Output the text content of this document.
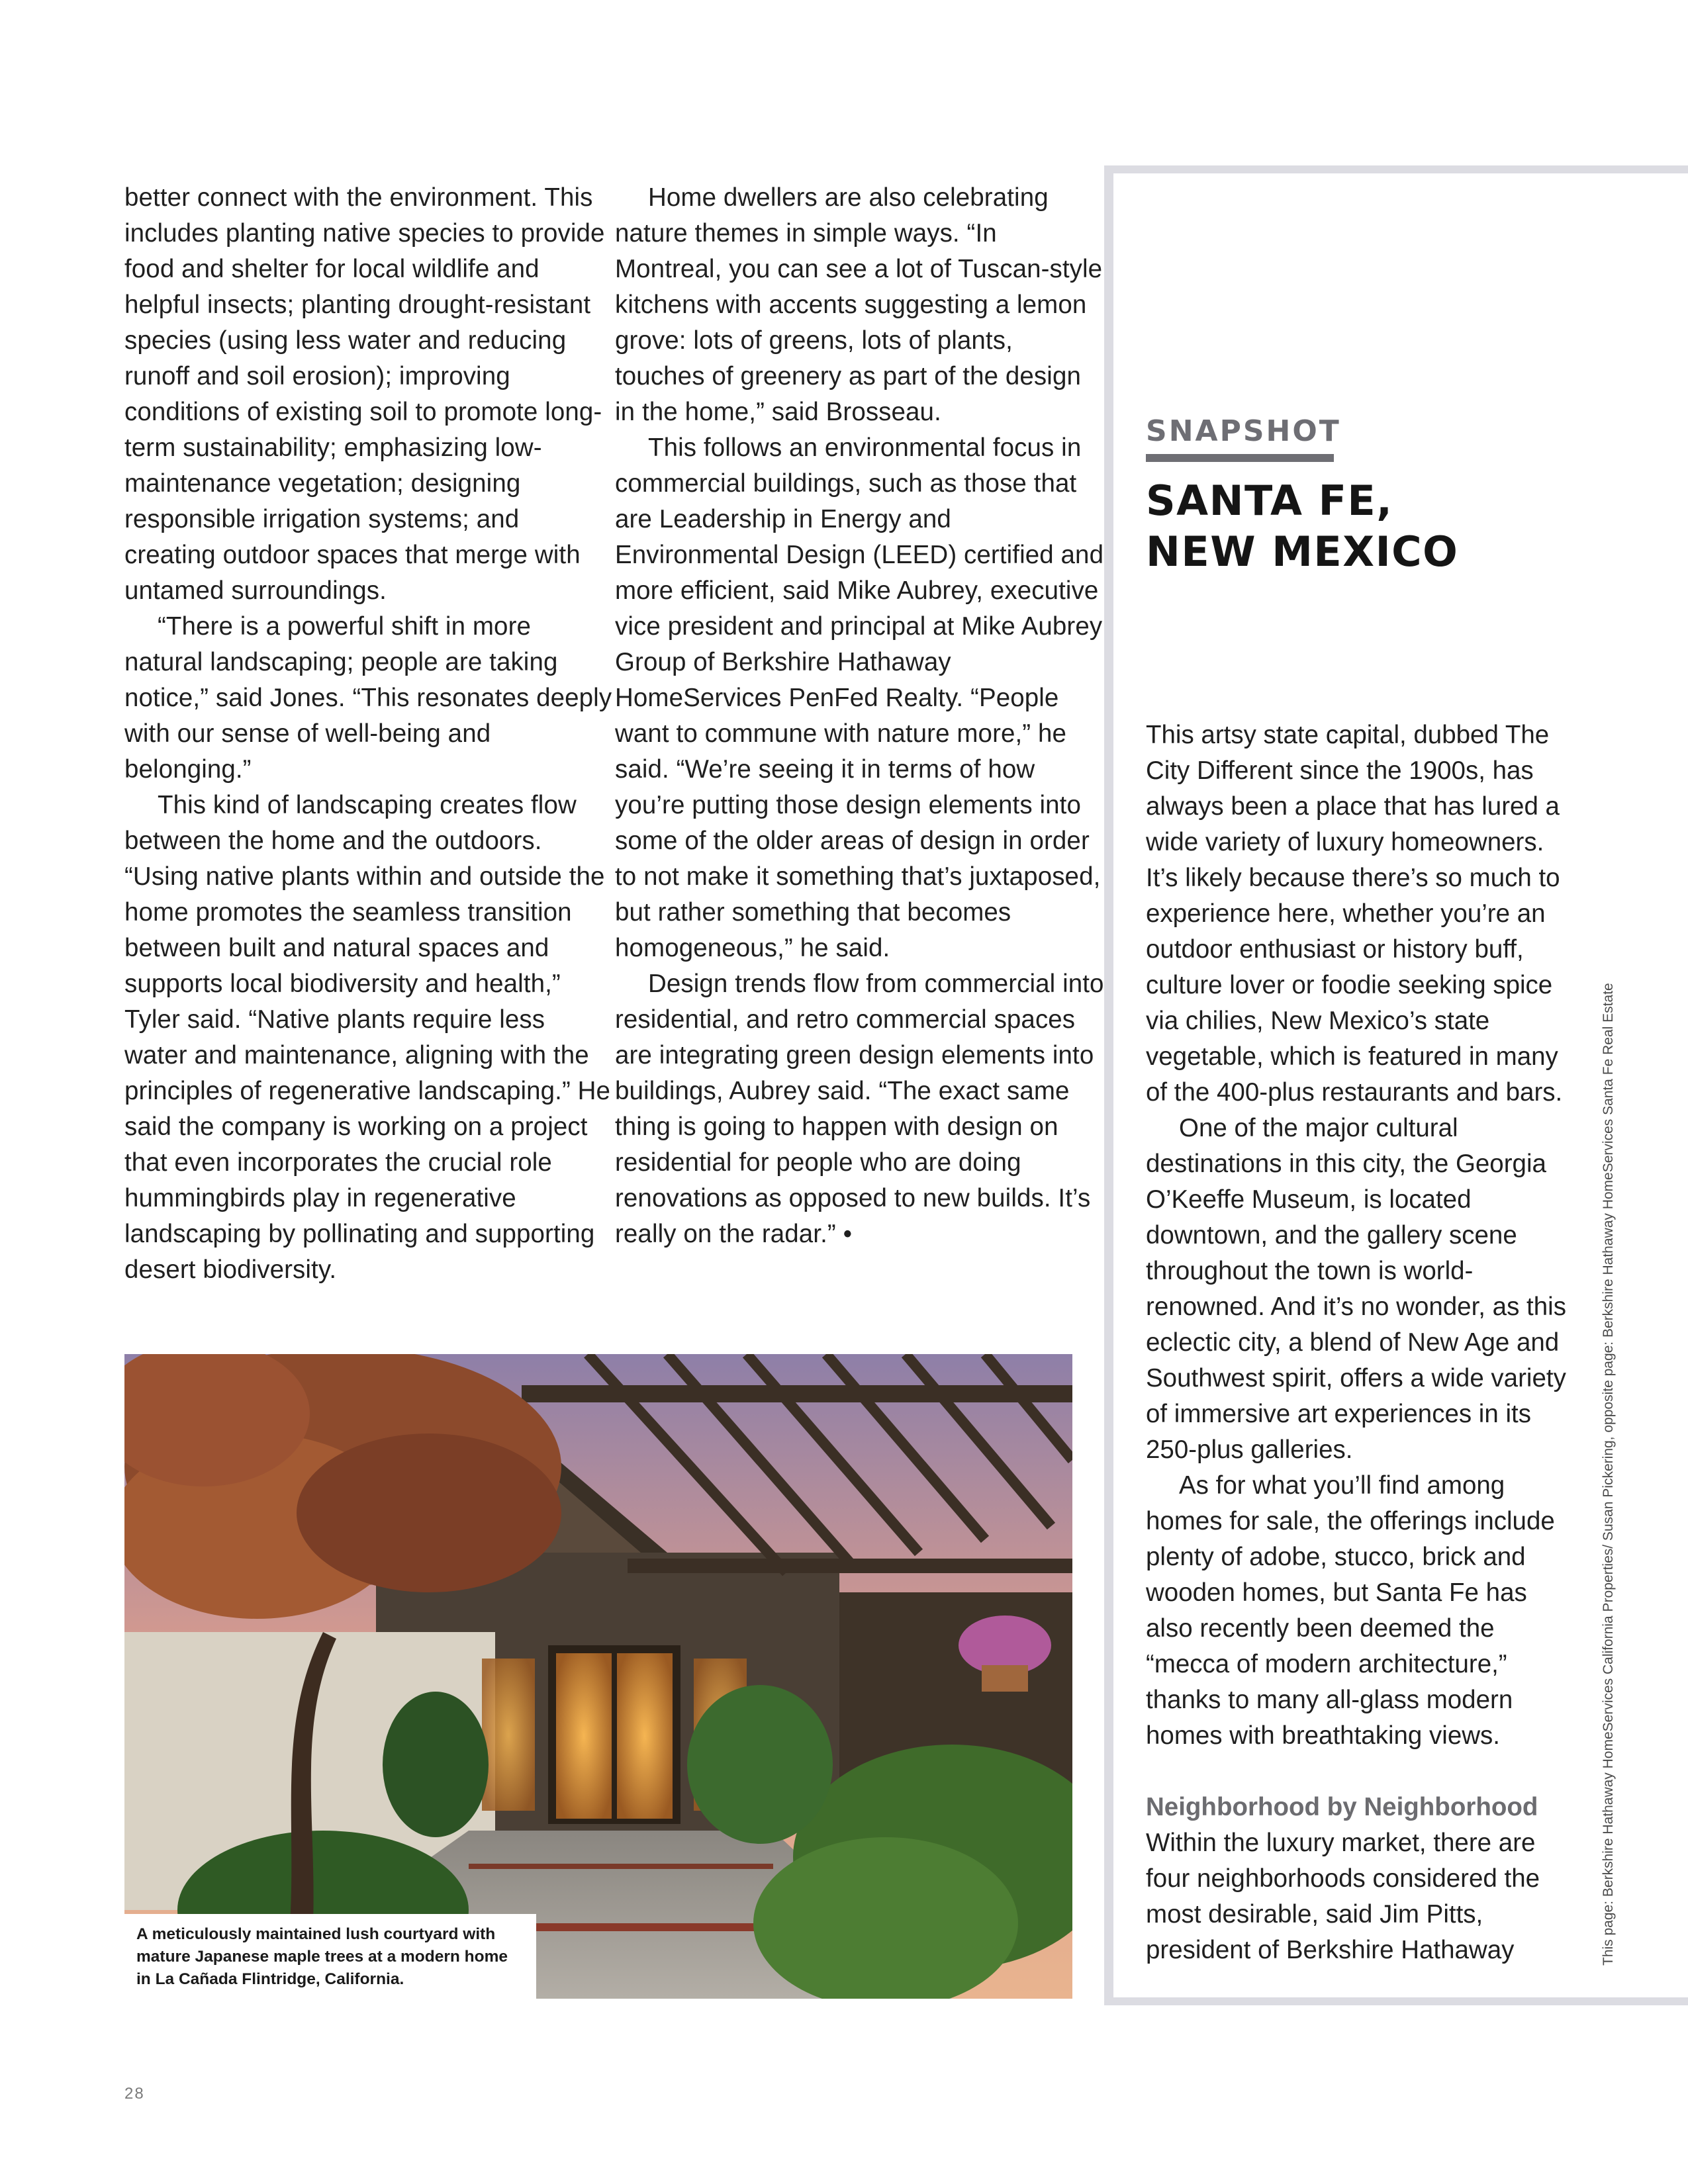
better connect with the environment. This includes planting native species to provide food and shelter for local wildlife and helpful insects; planting drought-resistant species (using less water and reducing runoff and soil erosion); improving conditions of existing soil to promote long-term sustainability; emphasizing low-maintenance vegetation; designing responsible irrigation systems; and creating outdoor spaces that merge with untamed surroundings.

“There is a powerful shift in more natural landscaping; people are taking notice,” said Jones. “This resonates deeply with our sense of well-being and belonging.”

This kind of landscaping creates flow between the home and the outdoors. “Using native plants within and outside the home promotes the seamless transition between built and natural spaces and supports local biodiversity and health,” Tyler said. “Native plants require less water and maintenance, aligning with the principles of regenerative landscaping.” He said the company is working on a project that even incorporates the crucial role hummingbirds play in regenerative landscaping by pollinating and supporting desert biodiversity.

Home dwellers are also celebrating nature themes in simple ways. “In Montreal, you can see a lot of Tuscan-style kitchens with accents suggesting a lemon grove: lots of greens, lots of plants, touches of greenery as part of the design in the home,” said Brosseau.

This follows an environmental focus in commercial buildings, such as those that are Leadership in Energy and Environmental Design (LEED) certified and more efficient, said Mike Aubrey, executive vice president and principal at Mike Aubrey Group of Berkshire Hathaway HomeServices PenFed Realty. “People want to commune with nature more,” he said. “We’re seeing it in terms of how you’re putting those design elements into some of the older areas of design in order to not make it something that’s juxtaposed, but rather something that becomes homogeneous,” he said.

Design trends flow from commercial into residential, and retro commercial spaces are integrating green design elements into buildings, Aubrey said. “The exact same thing is going to happen with design on residential for people who are doing renovations as opposed to new builds. It’s really on the radar.” •

SNAPSHOT
SANTA FE,
NEW MEXICO

This artsy state capital, dubbed The City Different since the 1900s, has always been a place that has lured a wide variety of luxury homeowners. It’s likely because there’s so much to experience here, whether you’re an outdoor enthusiast or history buff, culture lover or foodie seeking spice via chilies, New Mexico’s state vegetable, which is featured in many of the 400-plus restaurants and bars.

One of the major cultural destinations in this city, the Georgia O’Keeffe Museum, is located downtown, and the gallery scene throughout the town is world-renowned. And it’s no wonder, as this eclectic city, a blend of New Age and Southwest spirit, offers a wide variety of immersive art experiences in its 250-plus galleries.

As for what you’ll find among homes for sale, the offerings include plenty of adobe, stucco, brick and wooden homes, but Santa Fe has also recently been deemed the “mecca of modern architecture,” thanks to many all-glass modern homes with breathtaking views.

Neighborhood by Neighborhood

Within the luxury market, there are four neighborhoods considered the most desirable, said Jim Pitts, president of Berkshire Hathaway	This page: Berkshire Hathaway HomeServices California Properties/ Susan Pickering, opposite page: Berkshire Hathaway HomeServices Santa Fe Real Estate

A meticulously maintained lush courtyard with mature Japanese maple trees at a modern home in La Cañada Flintridge, California.

28
